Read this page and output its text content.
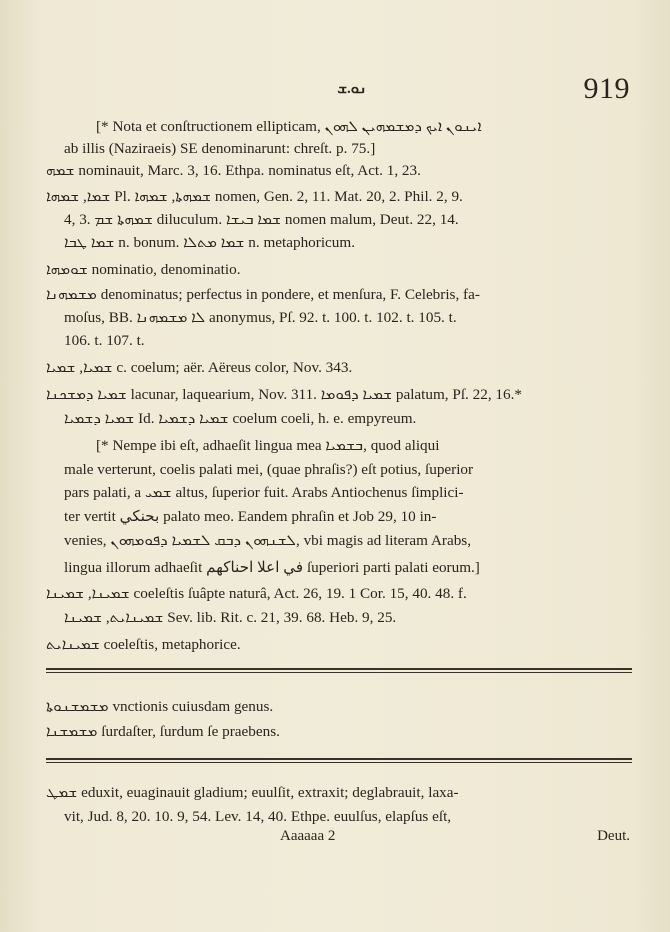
ܢܘ.ܫ	919
[* Nota et conſtructionem ellipticam, ܐܝܢܘܢ ܐܝܟ ܕܡܫܡܗܝܢ ܠܗܘܢ
ab illis (Naziraeis) SE denominarunt: chreſt. p. 75.]
ܫܡܗ nominauit, Marc. 3, 16. Ethpa. nominatus eſt, Act. 1, 23.
ܫܡܐ, ܫܡܗܐ Pl. ܫܡܗܬܐ, ܫܡܗܐ nomen, Gen. 2, 11. Mat. 20, 2. Phil. 2, 9.
4, 3. ܫܡܗܬܐ ܫܡ diluculum. ܫܡܐ ܒܝܫܐ nomen malum, Deut. 22, 14.
ܫܡܐ ܛܒܐ n. bonum. ܫܡܐ ܡܬܠܐ n. metaphoricum.
ܫܘܡܗܐ nominatio, denominatio.
ܡܫܡܗܢܐ denominatus; perfectus in pondere, et menſura, F. Celebris, fa-
moſus, BB. ܠܐ ܡܫܡܗܢܐ anonymus, Pſ. 92. t. 100. t. 102. t. 105. t.
106. t. 107. t.
ܫܡܝܐ, ܫܡܝܐ c. coelum; aër. Aëreus color, Nov. 343.
ܫܡܝܐ ܕܡܫܟܢܐ lacunar, laquearium, Nov. 311. ܫܡܝܐ ܕܦܘܡܐ palatum, Pſ. 22, 16.*
ܫܡܝܐ ܕܫܡܝܐ Id. ܫܡܝܐ ܕܫܡܝܐ coelum coeli, h. e. empyreum.
[* Nempe ibi eſt, adhaeſit lingua mea ܒܫܡܝܐ, quod aliqui
male verterunt, coelis palati mei, (quae phraſis?) eſt potius, ſuperior
pars palati, a ܫܡܝ altus, ſuperior fuit. Arabs Antiochenus ſimplici-
ter vertit بحنكي palato meo. Eandem phraſin et Job 29, 10 in-
venies, ܠܫܢܗܘܢ ܕܒܩ ܠܫܡܝܐ ܕܦܘܡܗܘܢ, vbi magis ad literam Arabs,
lingua illorum adhaeſit في اعلا احناكهم ſuperiori parti palati eorum.]
ܫܡܝܢܐ, ܫܡܝܢܐ coeleſtis ſuâpte naturâ, Act. 26, 19. 1 Cor. 15, 40. 48. f.
ܫܡܝܢܐܝܬ, ܫܡܝܢܐ Sev. lib. Rit. c. 21, 39. 68. Heb. 9, 25.
ܫܡܝܢܐܝܬ coeleſtis, metaphorice.
ܡܫܡܫܢܘܬܐ vnctionis cuiusdam genus.
ܡܫܡܫܢܐ ſurdaſter, ſurdum ſe praebens.
ܫܡܛ eduxit, euaginauit gladium; euulſit, extraxit; deglabrauit, laxa-
vit, Jud. 8, 20. 10. 9, 54. Lev. 14, 40. Ethpe. euulſus, elapſus eſt,
Aaaaaa 2	Deut.
